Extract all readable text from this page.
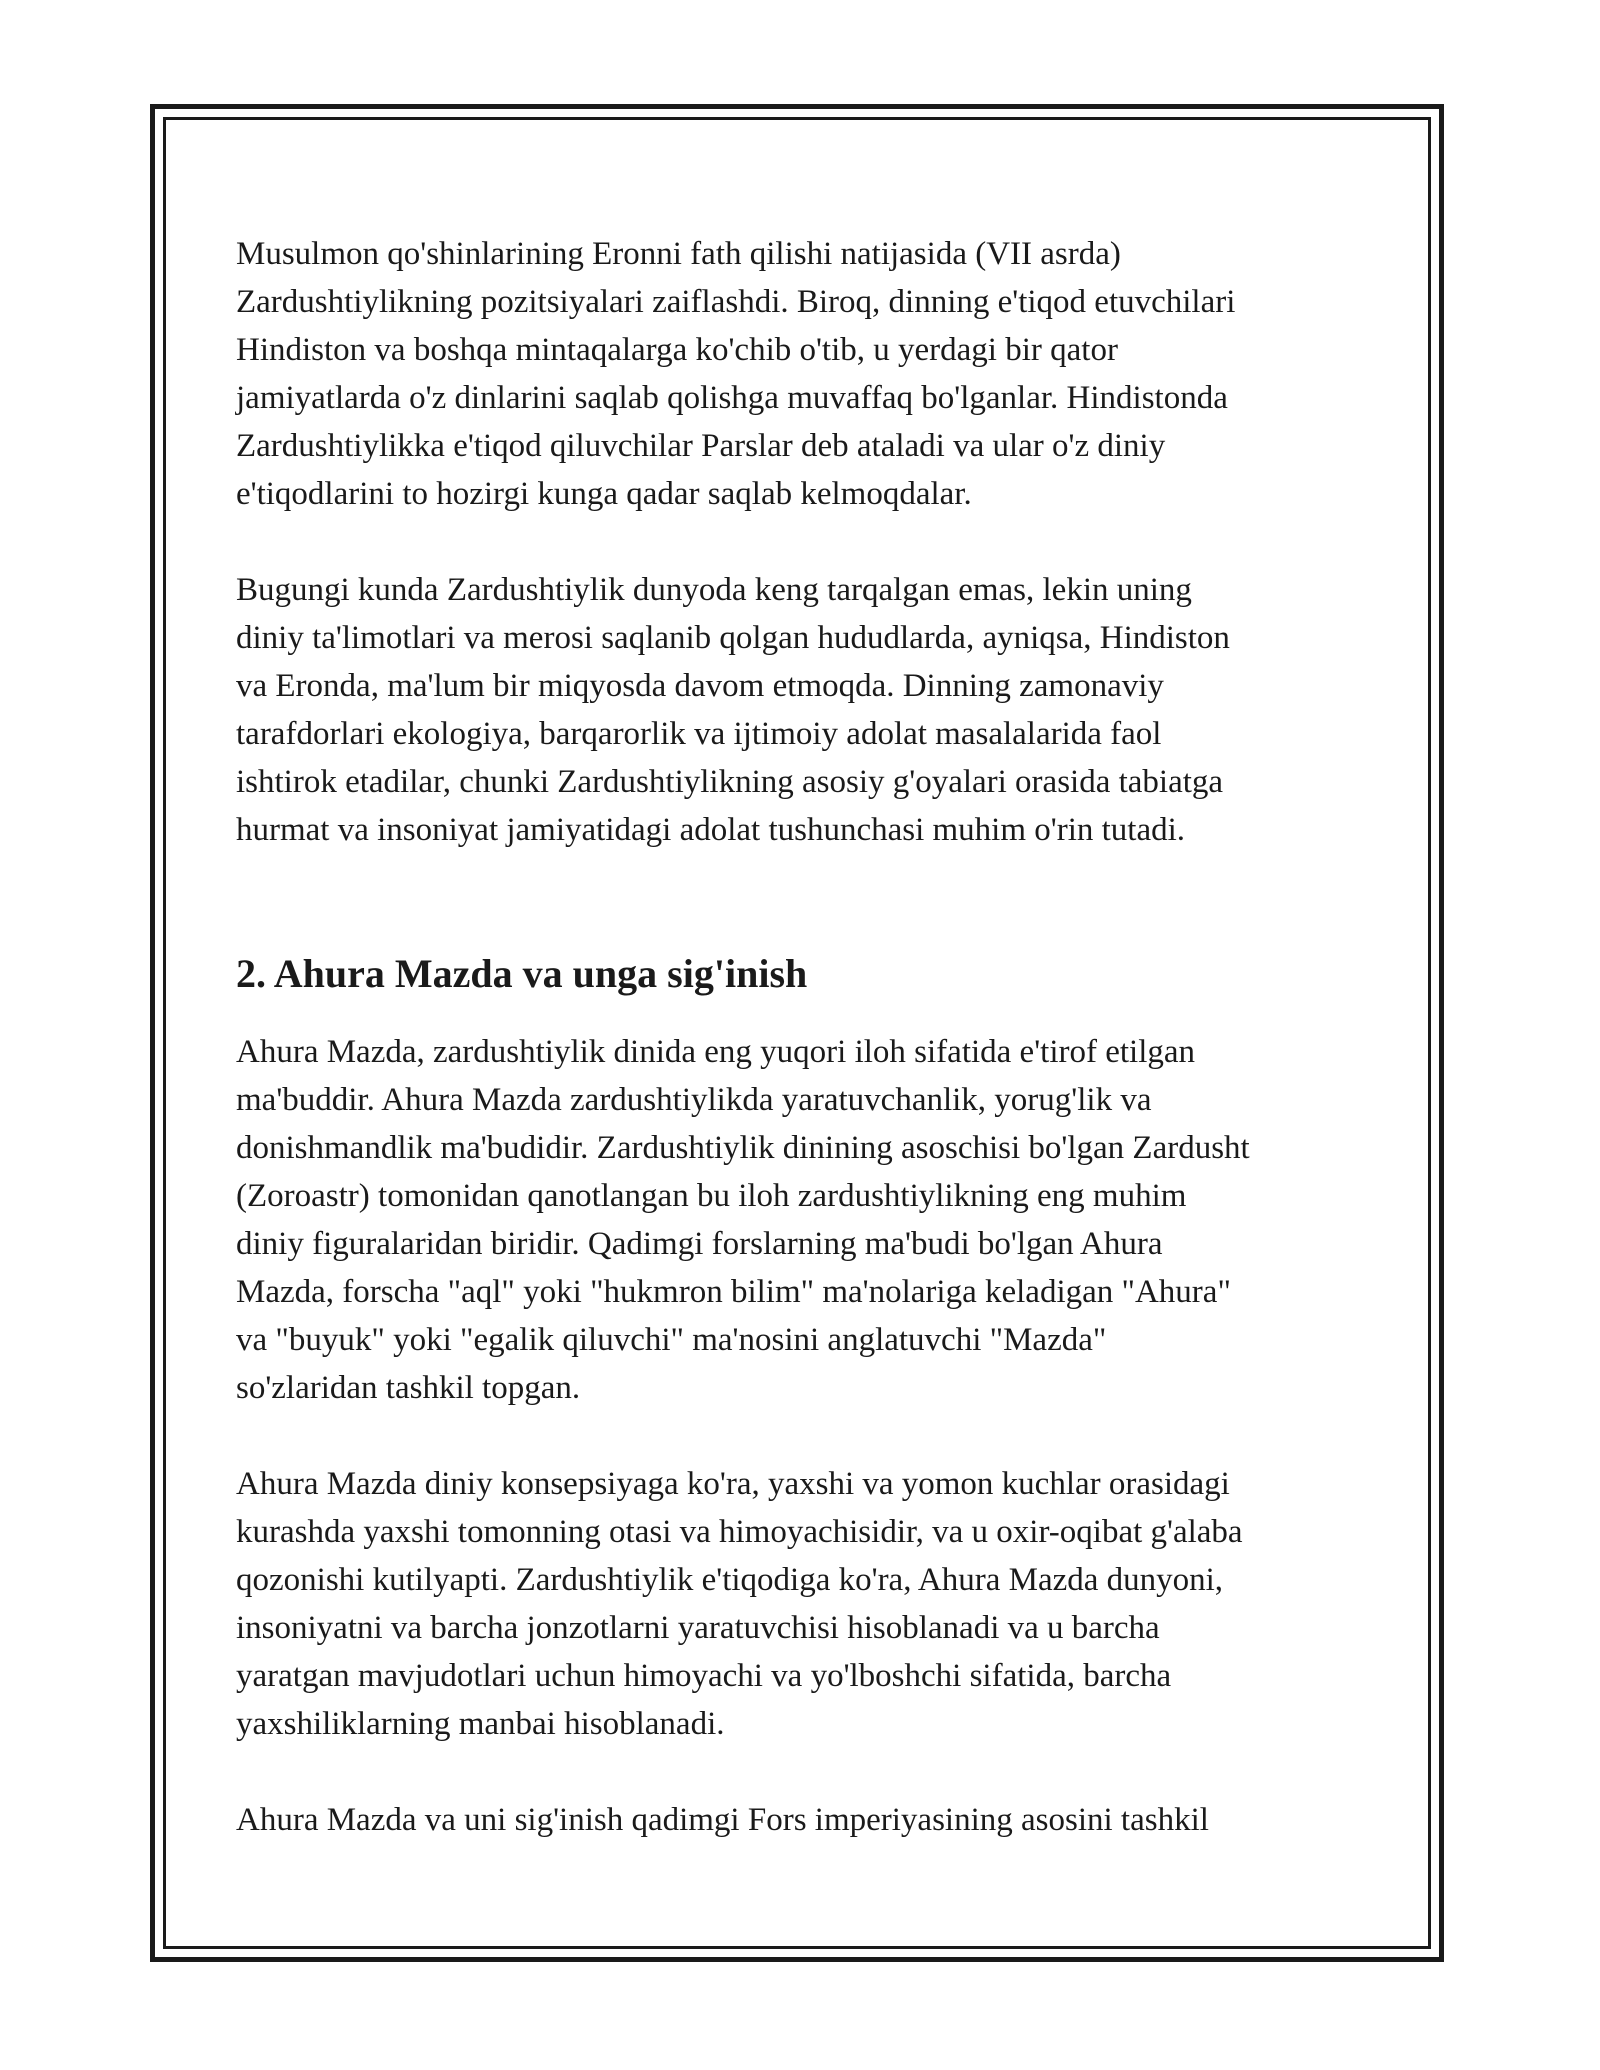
Musulmon qo'shinlarining Eronni fath qilishi natijasida (VII asrda)
Zardushtiylikning pozitsiyalari zaiflashdi. Biroq, dinning e'tiqod etuvchilari
Hindiston va boshqa mintaqalarga ko'chib o'tib, u yerdagi bir qator
jamiyatlarda o'z dinlarini saqlab qolishga muvaffaq bo'lganlar. Hindistonda
Zardushtiylikka e'tiqod qiluvchilar Parslar deb ataladi va ular o'z diniy
e'tiqodlarini to hozirgi kunga qadar saqlab kelmoqdalar.
Bugungi kunda Zardushtiylik dunyoda keng tarqalgan emas, lekin uning
diniy ta'limotlari va merosi saqlanib qolgan hududlarda, ayniqsa, Hindiston
va Eronda, ma'lum bir miqyosda davom etmoqda. Dinning zamonaviy
tarafdorlari ekologiya, barqarorlik va ijtimoiy adolat masalalarida faol
ishtirok etadilar, chunki Zardushtiylikning asosiy g'oyalari orasida tabiatga
hurmat va insoniyat jamiyatidagi adolat tushunchasi muhim o'rin tutadi.
2. Ahura Mazda va unga sig'inish
Ahura Mazda, zardushtiylik dinida eng yuqori iloh sifatida e'tirof etilgan
ma'buddir. Ahura Mazda zardushtiylikda yaratuvchanlik, yorug'lik va
donishmandlik ma'budidir. Zardushtiylik dinining asoschisi bo'lgan Zardusht
(Zoroastr) tomonidan qanotlangan bu iloh zardushtiylikning eng muhim
diniy figuralaridan biridir. Qadimgi forslarning ma'budi bo'lgan Ahura
Mazda, forscha "aql" yoki "hukmron bilim" ma'nolariga keladigan "Ahura"
va "buyuk" yoki "egalik qiluvchi" ma'nosini anglatuvchi "Mazda"
so'zlaridan tashkil topgan.
Ahura Mazda diniy konsepsiyaga ko'ra, yaxshi va yomon kuchlar orasidagi
kurashda yaxshi tomonning otasi va himoyachisidir, va u oxir-oqibat g'alaba
qozonishi kutilyapti. Zardushtiylik e'tiqodiga ko'ra, Ahura Mazda dunyoni,
insoniyatni va barcha jonzotlarni yaratuvchisi hisoblanadi va u barcha
yaratgan mavjudotlari uchun himoyachi va yo'lboshchi sifatida, barcha
yaxshiliklarning manbai hisoblanadi.
Ahura Mazda va uni sig'inish qadimgi Fors imperiyasining asosini tashkil
